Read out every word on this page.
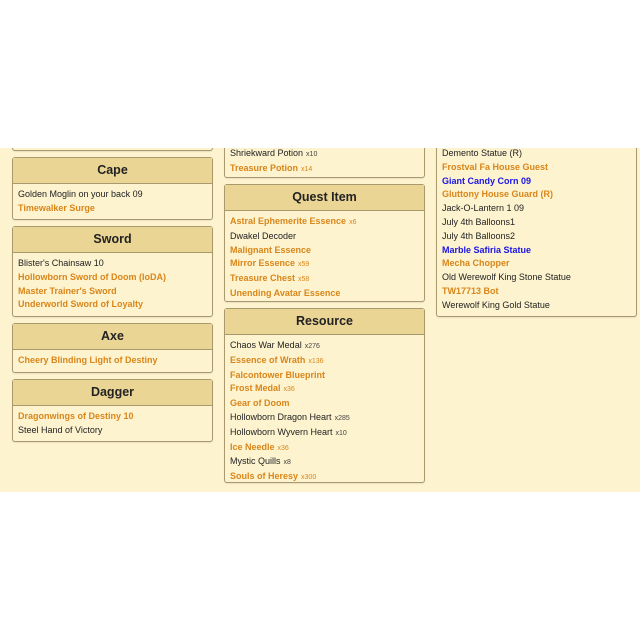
Cape
Golden Moglin on your back 09
Timewalker Surge
Sword
Blister's Chainsaw 10
Hollowborn Sword of Doom (IoDA)
Master Trainer's Sword
Underworld Sword of Loyalty
Axe
Cheery Blinding Light of Destiny
Dagger
Dragonwings of Destiny 10
Steel Hand of Victory
Shriekward Potion x10
Treasure Potion x14
Quest Item
Astral Ephemerite Essence x6
Dwakel Decoder
Malignant Essence
Mirror Essence x59
Treasure Chest x58
Unending Avatar Essence
Resource
Chaos War Medal x276
Essence of Wrath x136
Falcontower Blueprint
Frost Medal x36
Gear of Doom
Hollowborn Dragon Heart x285
Hollowborn Wyvern Heart x10
Ice Needle x36
Mystic Quills x8
Souls of Heresy x300
Demento Statue (R)
Frostval Fa House Guest
Giant Candy Corn 09
Gluttony House Guard (R)
Jack-O-Lantern 1 09
July 4th Balloons1
July 4th Balloons2
Marble Safiria Statue
Mecha Chopper
Old Werewolf King Stone Statue
TW17713 Bot
Werewolf King Gold Statue
